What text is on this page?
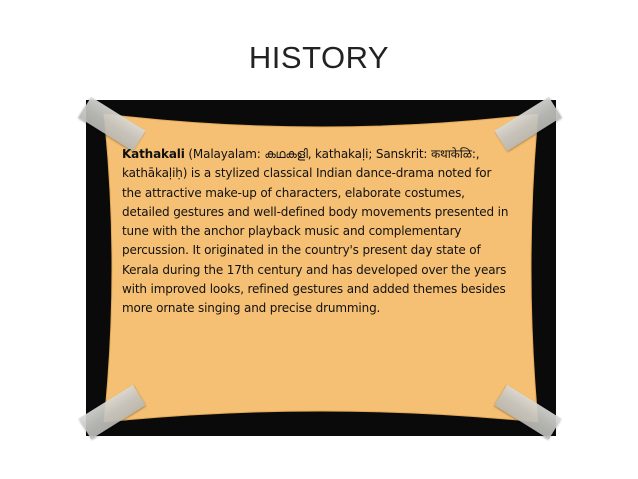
HISTORY
Kathakali (Malayalam: കഥകളി, kathakaḷi; Sanskrit: कथाकेळि:, kathākaḷiḥ) is a stylized classical Indian dance-drama noted for the attractive make-up of characters, elaborate costumes, detailed gestures and well-defined body movements presented in tune with the anchor playback music and complementary percussion. It originated in the country's present day state of Kerala during the 17th century and has developed over the years with improved looks, refined gestures and added themes besides more ornate singing and precise drumming.
